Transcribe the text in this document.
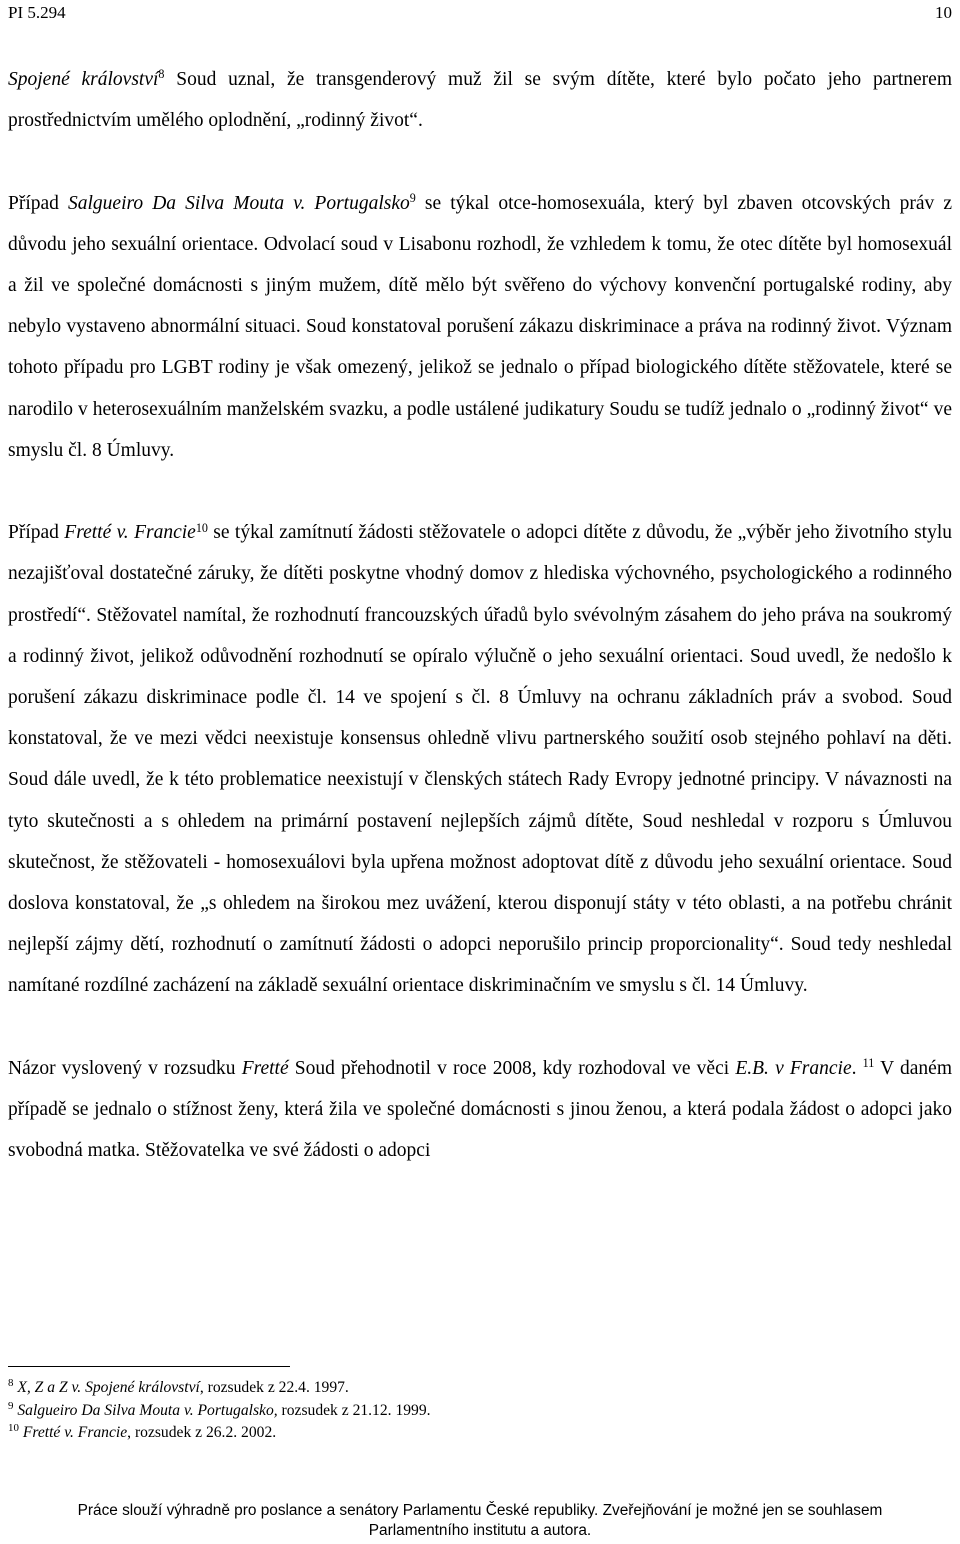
PI 5.294	10

Spojené království$^8$ Soud uznal, že transgenderový muž žil se svým dítěte, které bylo počato jeho partnerem prostřednictvím umělého oplodnění, „rodinný život“.

Případ Salgueiro Da Silva Mouta v. Portugalsko$^9$ se týkal otce-homosexuála, který byl zbaven otcovských práv z důvodu jeho sexuální orientace. Odvolací soud v Lisabonu rozhodl, že vzhledem k tomu, že otec dítěte byl homosexuál a žil ve společné domácnosti s jiným mužem, dítě mělo být svěřeno do výchovy konvenční portugalské rodiny, aby nebylo vystaveno abnormální situaci. Soud konstatoval porušení zákazu diskriminace a práva na rodinný život. Význam tohoto případu pro LGBT rodiny je však omezený, jelikož se jednalo o případ biologického dítěte stěžovatele, které se narodilo v heterosexuálním manželském svazku, a podle ustálené judikatury Soudu se tudíž jednalo o „rodinný život“ ve smyslu čl. 8 Úmluvy.

Případ Fretté v. Francie$^{10}$ se týkal zamítnutí žádosti stěžovatele o adopci dítěte z důvodu, že „výběr jeho životního stylu nezajišťoval dostatečné záruky, že dítěti poskytne vhodný domov z hlediska výchovného, psychologického a rodinného prostředí“. Stěžovatel namítal, že rozhodnutí francouzských úřadů bylo svévolným zásahem do jeho práva na soukromý a rodinný život, jelikož odůvodnění rozhodnutí se opíralo výlučně o jeho sexuální orientaci. Soud uvedl, že nedošlo k porušení zákazu diskriminace podle čl. 14 ve spojení s čl. 8 Úmluvy na ochranu základních práv a svobod. Soud konstatoval, že ve mezi vědci neexistuje konsensus ohledně vlivu partnerského soužití osob stejného pohlaví na děti. Soud dále uvedl, že k této problematice neexistují v členských státech Rady Evropy jednotné principy. V návaznosti na tyto skutečnosti a s ohledem na primární postavení nejlepších zájmů dítěte, Soud neshledal v rozporu s Úmluvou skutečnost, že stěžovateli - homosexuálovi byla upřena možnost adoptovat dítě z důvodu jeho sexuální orientace. Soud doslova konstatoval, že „s ohledem na širokou mez uvážení, kterou disponují státy v této oblasti, a na potřebu chránit nejlepší zájmy dětí, rozhodnutí o zamítnutí žádosti o adopci neporušilo princip proporcionality“. Soud tedy neshledal namítané rozdílné zacházení na základě sexuální orientace diskriminačním ve smyslu s čl. 14 Úmluvy.

Názor vyslovený v rozsudku Fretté Soud přehodnotil v roce 2008, kdy rozhodoval ve věci E.B. v Francie. $^{11}$ V daném případě se jednalo o stížnost ženy, která žila ve společné domácnosti s jinou ženou, a která podala žádost o adopci jako svobodná matka. Stěžovatelka ve své žádosti o adopci

$^8$ X, Z a Z v. Spojené království, rozsudek z 22.4. 1997.

$^9$ Salgueiro Da Silva Mouta v. Portugalsko, rozsudek z 21.12. 1999.

$^{10}$ Fretté v. Francie, rozsudek z 26.2. 2002.

Práce slouží výhradně pro poslance a senátory Parlamentu České republiky. Zveřejňování je možné jen se souhlasem
Parlamentního institutu a autora.
